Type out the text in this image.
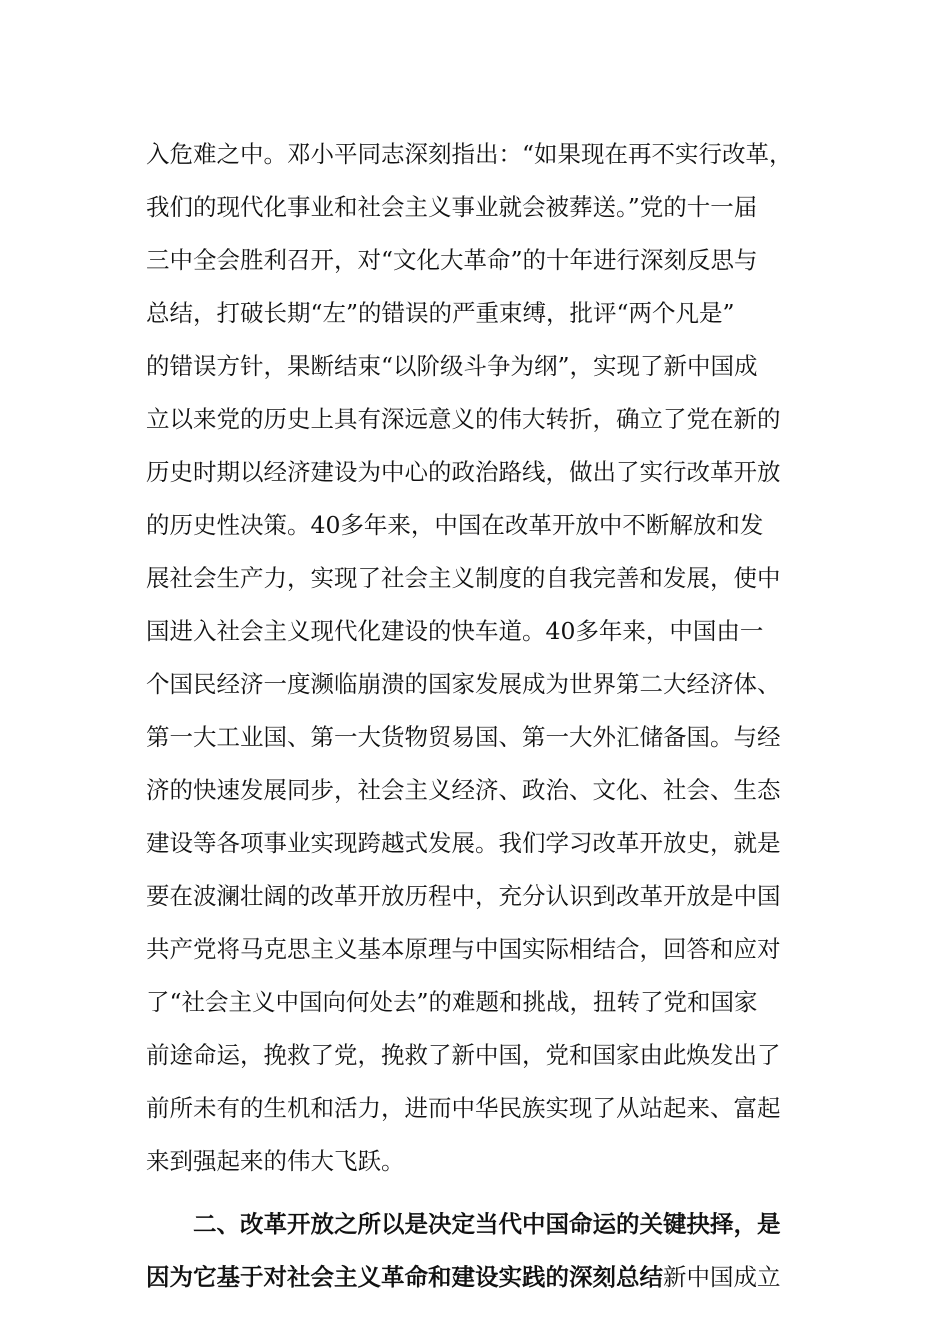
入危难之中。邓小平同志深刻指出：“如果现在再不实行改革，
我们的现代化事业和社会主义事业就会被葬送。”党的十一届
三中全会胜利召开，对“文化大革命”的十年进行深刻反思与
总结，打破长期“左”的错误的严重束缚，批评“两个凡是”
的错误方针，果断结束“以阶级斗争为纲”，实现了新中国成
立以来党的历史上具有深远意义的伟大转折，确立了党在新的
历史时期以经济建设为中心的政治路线，做出了实行改革开放
的历史性决策。40多年来，中国在改革开放中不断解放和发
展社会生产力，实现了社会主义制度的自我完善和发展，使中
国进入社会主义现代化建设的快车道。40多年来，中国由一
个国民经济一度濒临崩溃的国家发展成为世界第二大经济体、
第一大工业国、第一大货物贸易国、第一大外汇储备国。与经
济的快速发展同步，社会主义经济、政治、文化、社会、生态
建设等各项事业实现跨越式发展。我们学习改革开放史，就是
要在波澜壮阔的改革开放历程中，充分认识到改革开放是中国
共产党将马克思主义基本原理与中国实际相结合，回答和应对
了“社会主义中国向何处去”的难题和挑战，扭转了党和国家
前途命运，挽救了党，挽救了新中国，党和国家由此焕发出了
前所未有的生机和活力，进而中华民族实现了从站起来、富起
来到强起来的伟大飞跃。
二、改革开放之所以是决定当代中国命运的关键抉择，是
因为它基于对社会主义革命和建设实践的深刻总结新中国成立
